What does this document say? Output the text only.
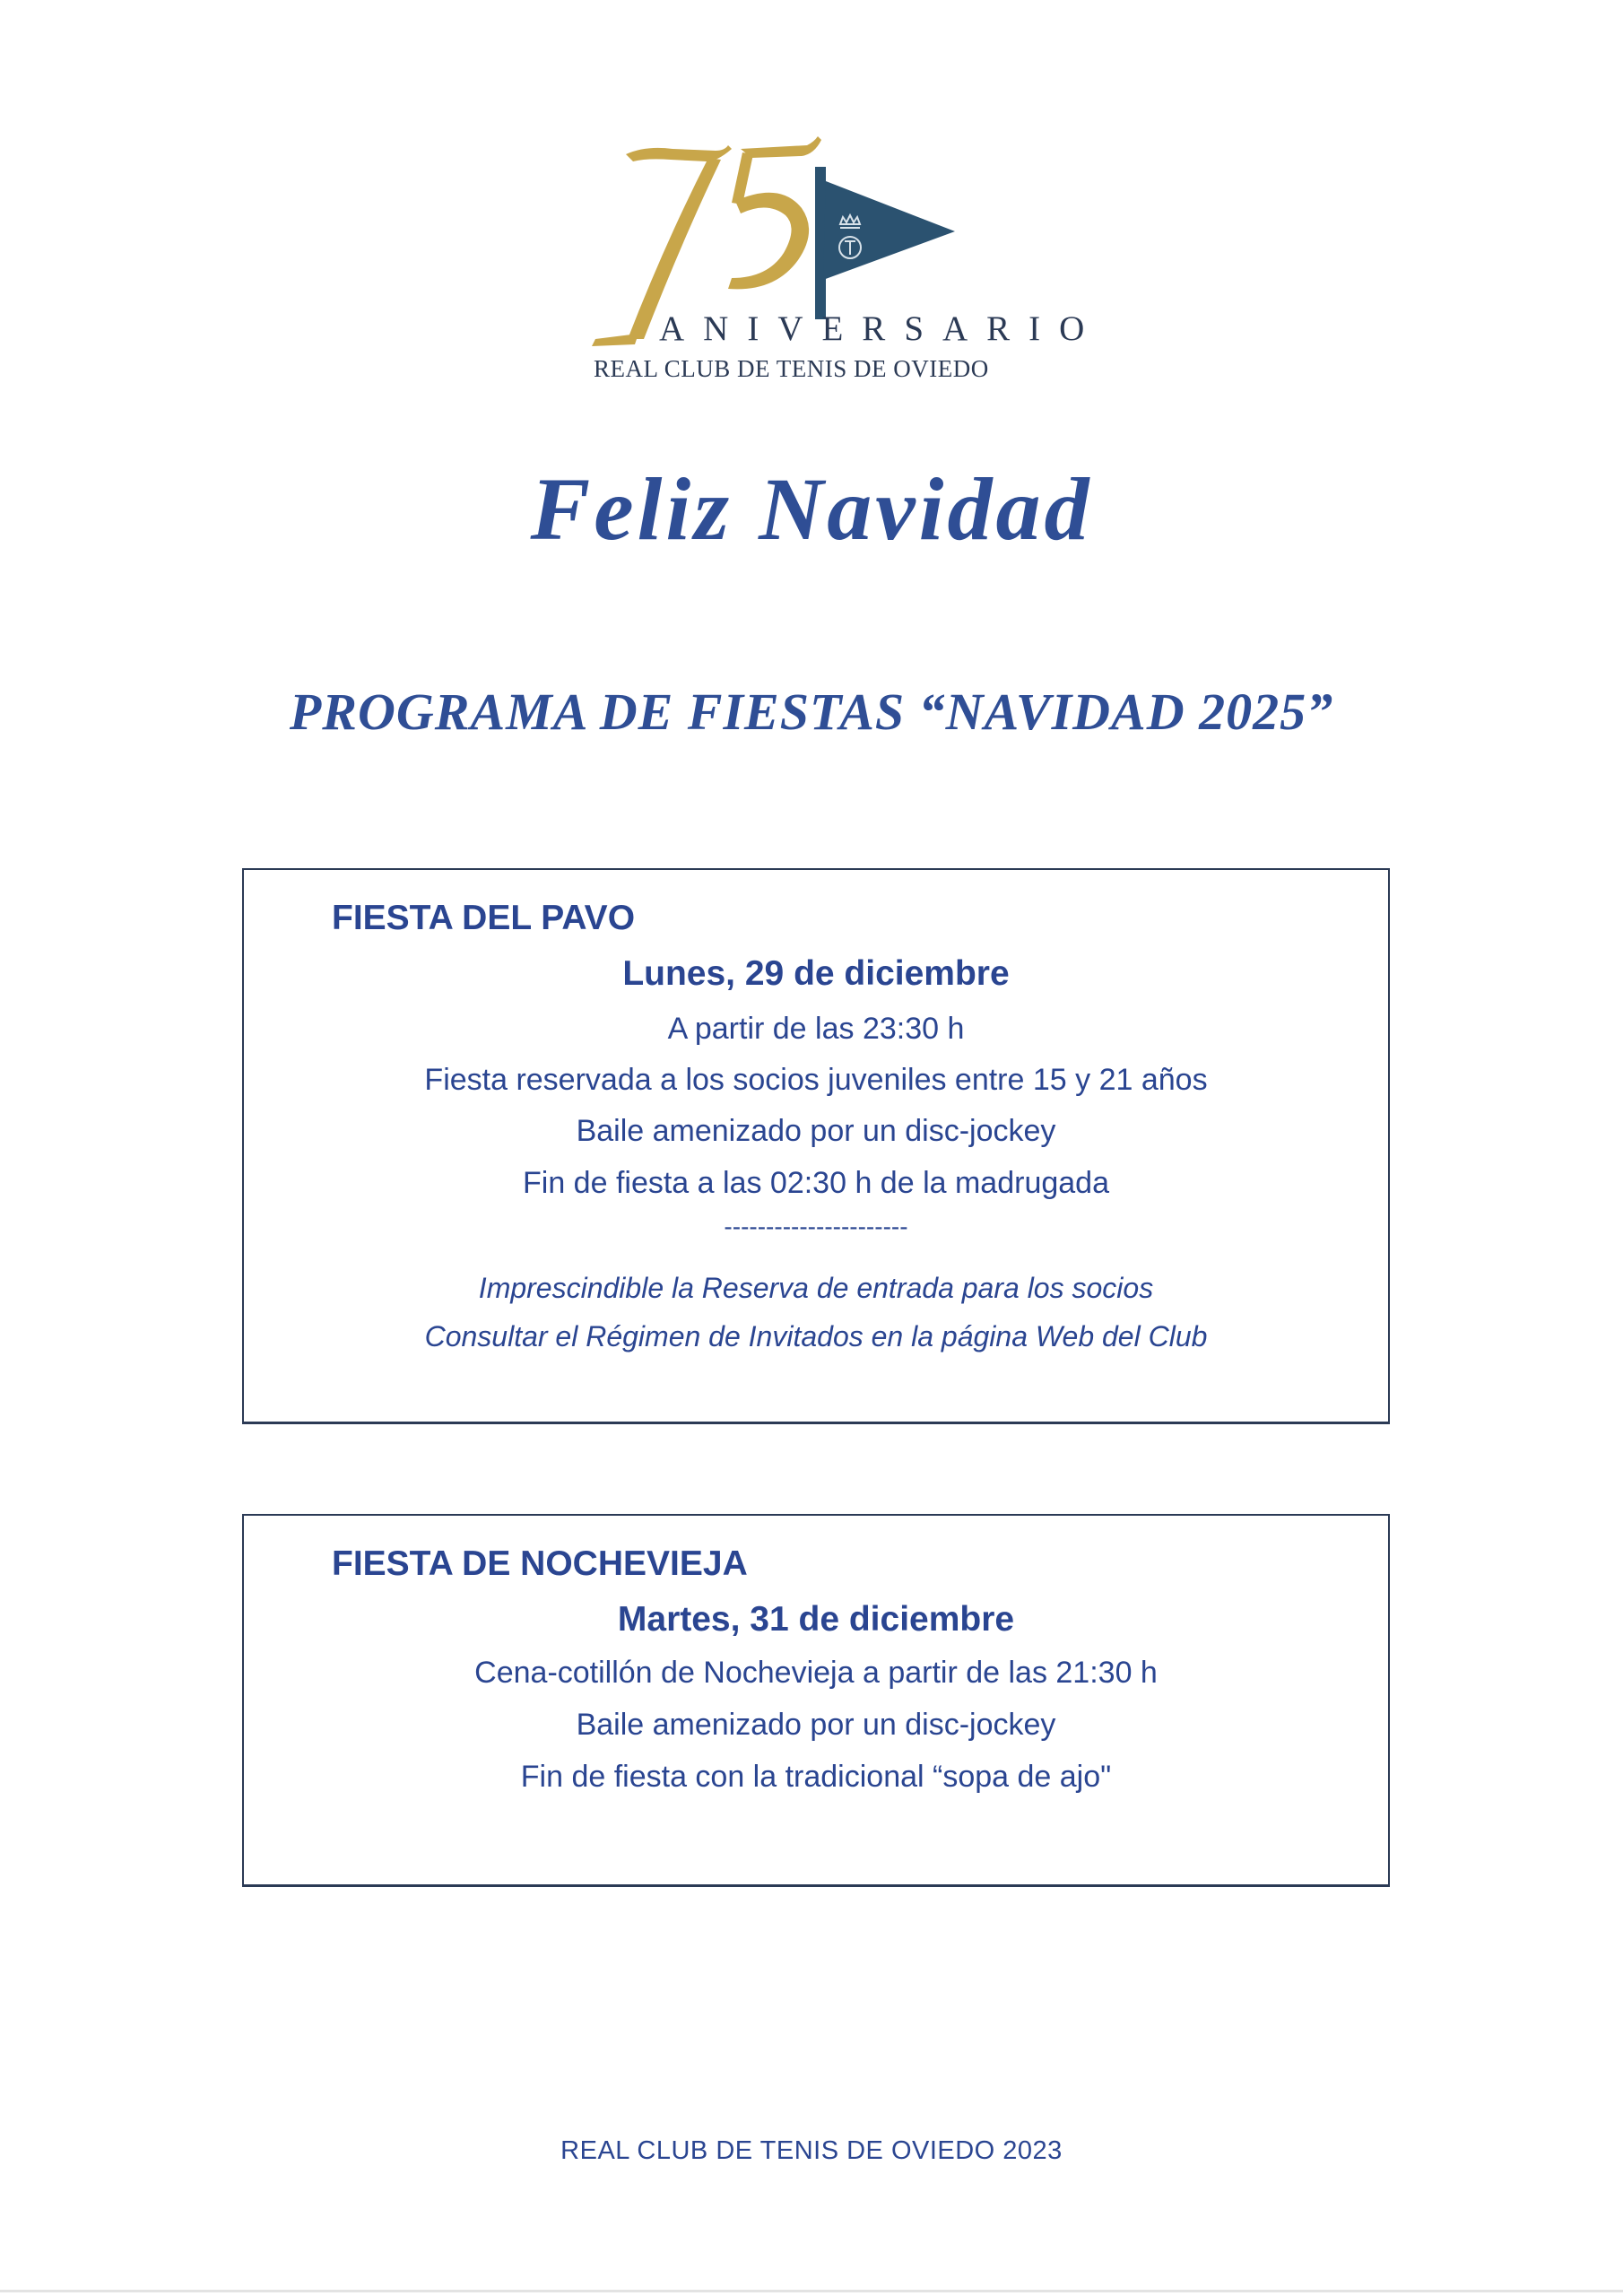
ANIVERSARIO
REAL CLUB DE TENIS DE OVIEDO
Feliz Navidad
PROGRAMA DE FIESTAS “NAVIDAD 2025”
FIESTA DEL PAVO
Lunes, 29 de diciembre
A partir de las 23:30 h
Fiesta reservada a los socios juveniles entre 15 y 21 años
Baile amenizado por un disc-jockey
Fin de fiesta a las 02:30 h de la madrugada
----------------------
Imprescindible la Reserva de entrada para los socios
Consultar el Régimen de Invitados en la página Web del Club
FIESTA DE NOCHEVIEJA
Martes, 31 de diciembre
Cena-cotillón de Nochevieja a partir de las 21:30 h
Baile amenizado por un disc-jockey
Fin de fiesta con la tradicional “sopa de ajo"
REAL CLUB DE TENIS DE OVIEDO 2023
